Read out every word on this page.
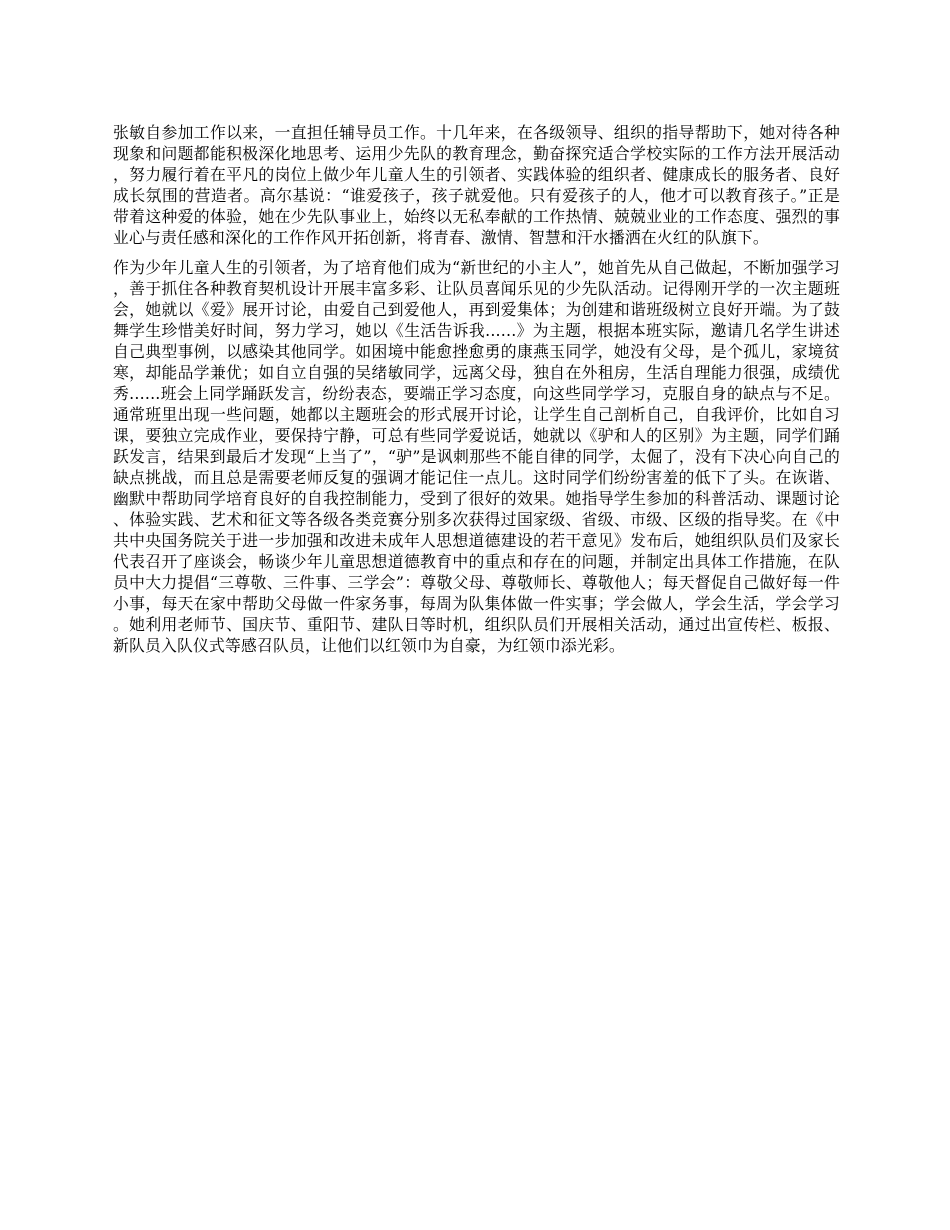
张敏自参加工作以来，一直担任辅导员工作。十几年来，在各级领导、组织的指导帮助下，她对待各种现象和问题都能积极深化地思考、运用少先队的教育理念，勤奋探究适合学校实际的工作方法开展活动，努力履行着在平凡的岗位上做少年儿童人生的引领者、实践体验的组织者、健康成长的服务者、良好成长氛围的营造者。高尔基说：“谁爱孩子，孩子就爱他。只有爱孩子的人，他才可以教育孩子。”正是带着这种爱的体验，她在少先队事业上，始终以无私奉献的工作热情、兢兢业业的工作态度、强烈的事业心与责任感和深化的工作作风开拓创新，将青春、激情、智慧和汗水播洒在火红的队旗下。

作为少年儿童人生的引领者，为了培育他们成为“新世纪的小主人”，她首先从自己做起，不断加强学习，善于抓住各种教育契机设计开展丰富多彩、让队员喜闻乐见的少先队活动。记得刚开学的一次主题班会，她就以《爱》展开讨论，由爱自己到爱他人，再到爱集体；为创建和谐班级树立良好开端。为了鼓舞学生珍惜美好时间，努力学习，她以《生活告诉我......》为主题，根据本班实际，邀请几名学生讲述自己典型事例，以感染其他同学。如困境中能愈挫愈勇的康燕玉同学，她没有父母，是个孤儿，家境贫寒，却能品学兼优；如自立自强的吴绪敏同学，远离父母，独自在外租房，生活自理能力很强，成绩优秀......班会上同学踊跃发言，纷纷表态，要端正学习态度，向这些同学学习，克服自身的缺点与不足。通常班里出现一些问题，她都以主题班会的形式展开讨论，让学生自己剖析自己，自我评价，比如自习课，要独立完成作业，要保持宁静，可总有些同学爱说话，她就以《驴和人的区别》为主题，同学们踊跃发言，结果到最后才发现“上当了”，“驴”是讽刺那些不能自律的同学，太倔了，没有下决心向自己的缺点挑战，而且总是需要老师反复的强调才能记住一点儿。这时同学们纷纷害羞的低下了头。在诙谐、幽默中帮助同学培育良好的自我控制能力，受到了很好的效果。她指导学生参加的科普活动、课题讨论、体验实践、艺术和征文等各级各类竞赛分别多次获得过国家级、省级、市级、区级的指导奖。在《中共中央国务院关于进一步加强和改进未成年人思想道德建设的若干意见》发布后，她组织队员们及家长代表召开了座谈会，畅谈少年儿童思想道德教育中的重点和存在的问题，并制定出具体工作措施，在队员中大力提倡“三尊敬、三件事、三学会”：尊敬父母、尊敬师长、尊敬他人；每天督促自己做好每一件小事，每天在家中帮助父母做一件家务事，每周为队集体做一件实事；学会做人，学会生活，学会学习。她利用老师节、国庆节、重阳节、建队日等时机，组织队员们开展相关活动，通过出宣传栏、板报、新队员入队仪式等感召队员，让他们以红领巾为自豪，为红领巾添光彩。
